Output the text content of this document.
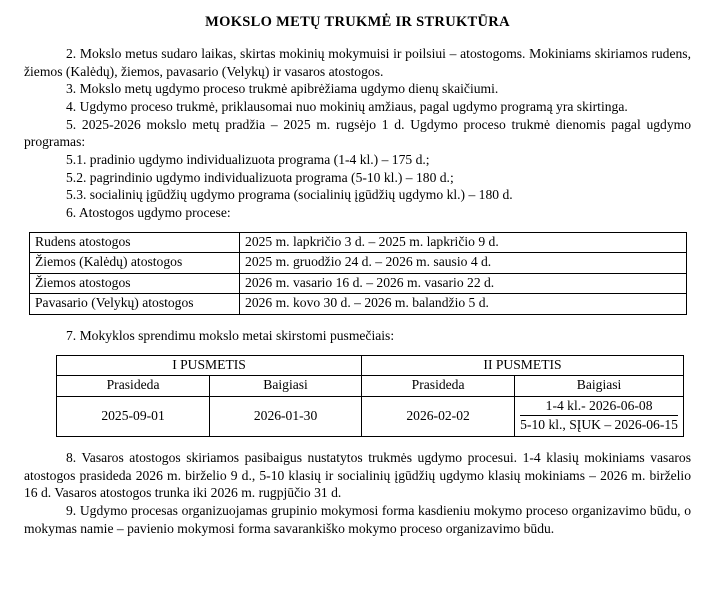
MOKSLO METŲ TRUKMĖ IR STRUKTŪRA

2. Mokslo metus sudaro laikas, skirtas mokinių mokymuisi ir poilsiui – atostogoms. Mokiniams skiriamos rudens, žiemos (Kalėdų), žiemos, pavasario (Velykų) ir vasaros atostogos.

3. Mokslo metų ugdymo proceso trukmė apibrėžiama ugdymo dienų skaičiumi.

4. Ugdymo proceso trukmė, priklausomai nuo mokinių amžiaus, pagal ugdymo programą yra skirtinga.

5. 2025-2026 mokslo metų pradžia – 2025 m. rugsėjo 1 d. Ugdymo proceso trukmė dienomis pagal ugdymo programas:

5.1. pradinio ugdymo individualizuota programa (1-4 kl.) – 175 d.;

5.2. pagrindinio ugdymo individualizuota programa (5-10 kl.) – 180 d.;

5.3. socialinių įgūdžių ugdymo programa (socialinių įgūdžių ugdymo kl.) – 180 d.

6. Atostogos ugdymo procese:

Rudens atostogos	2025 m. lapkričio 3 d. – 2025 m. lapkričio 9 d.
Žiemos (Kalėdų) atostogos	2025 m. gruodžio 24 d. – 2026 m. sausio 4 d.
Žiemos atostogos	2026 m. vasario 16 d. – 2026 m. vasario 22 d.
Pavasario (Velykų) atostogos	2026 m. kovo 30 d. – 2026 m. balandžio 5 d.

7. Mokyklos sprendimu mokslo metai skirstomi pusmečiais:

I PUSMETIS		II PUSMETIS	
Prasideda	Baigiasi	Prasideda	Baigiasi
2025-09-01	2026-01-30	2026-02-02	1-4 kl.- 2026-06-08
5-10 kl., SĮUK – 2026-06-15

8. Vasaros atostogos skiriamos pasibaigus nustatytos trukmės ugdymo procesui. 1-4 klasių mokiniams vasaros atostogos prasideda 2026 m. birželio 9 d., 5-10 klasių ir socialinių įgūdžių ugdymo klasių mokiniams – 2026 m. birželio 16 d. Vasaros atostogos trunka iki 2026 m. rugpjūčio 31 d.

9. Ugdymo procesas organizuojamas grupinio mokymosi forma kasdieniu mokymo proceso organizavimo būdu, o mokymas namie – pavienio mokymosi forma savarankiško mokymo proceso organizavimo būdu.
